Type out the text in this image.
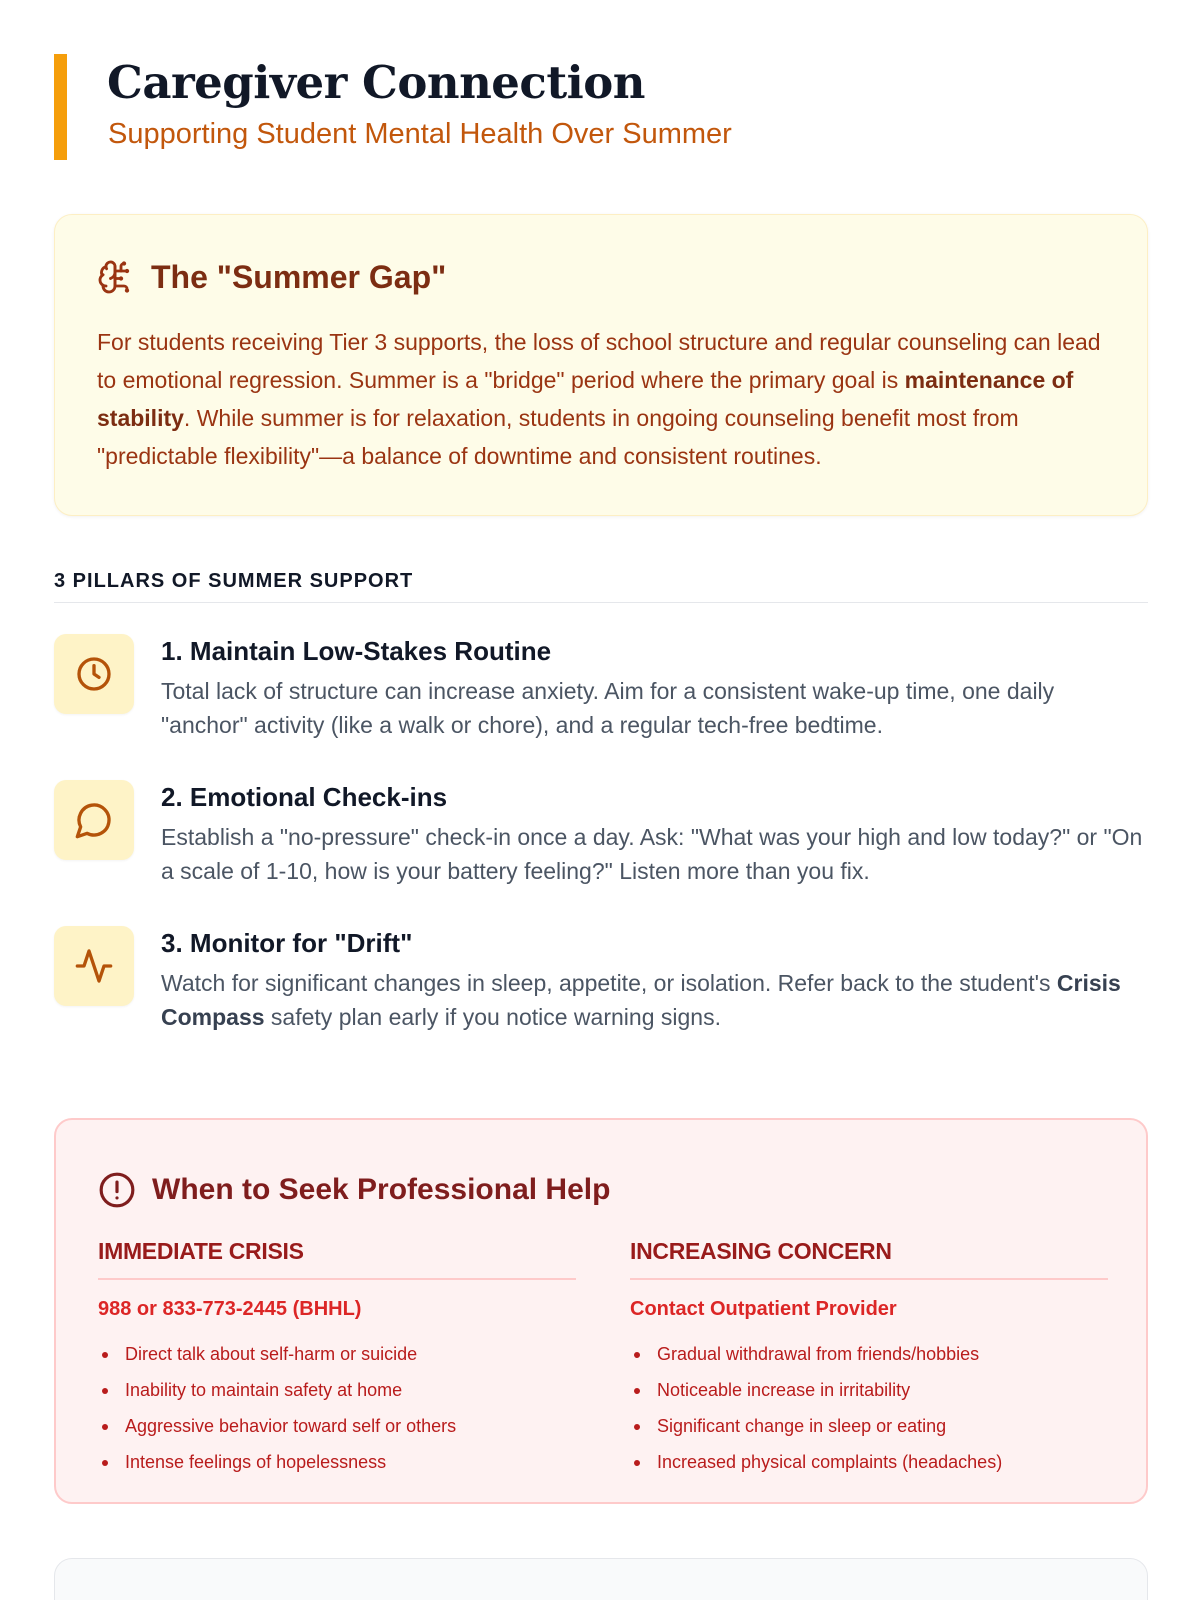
Caregiver Connection
Supporting Student Mental Health Over Summer
The "Summer Gap"

For students receiving Tier 3 supports, the loss of school structure and regular counseling can lead to emotional regression. Summer is a "bridge" period where the primary goal is maintenance of stability. While summer is for relaxation, students in ongoing counseling benefit most from "predictable flexibility"—a balance of downtime and consistent routines.

3 PILLARS OF SUMMER SUPPORT
1. Maintain Low-Stakes Routine

Total lack of structure can increase anxiety. Aim for a consistent wake-up time, one daily "anchor" activity (like a walk or chore), and a regular tech-free bedtime.

2. Emotional Check-ins

Establish a "no-pressure" check-in once a day. Ask: "What was your high and low today?" or "On a scale of 1-10, how is your battery feeling?" Listen more than you fix.

3. Monitor for "Drift"

Watch for significant changes in sleep, appetite, or isolation. Refer back to the student's Crisis Compass safety plan early if you notice warning signs.

When to Seek Professional Help
IMMEDIATE CRISIS
988 or 833-773-2445 (BHHL)
Direct talk about self-harm or suicide
Inability to maintain safety at home
Aggressive behavior toward self or others
Intense feelings of hopelessness
INCREASING CONCERN
Contact Outpatient Provider
Gradual withdrawal from friends/hobbies
Noticeable increase in irritability
Significant change in sleep or eating
Increased physical complaints (headaches)
